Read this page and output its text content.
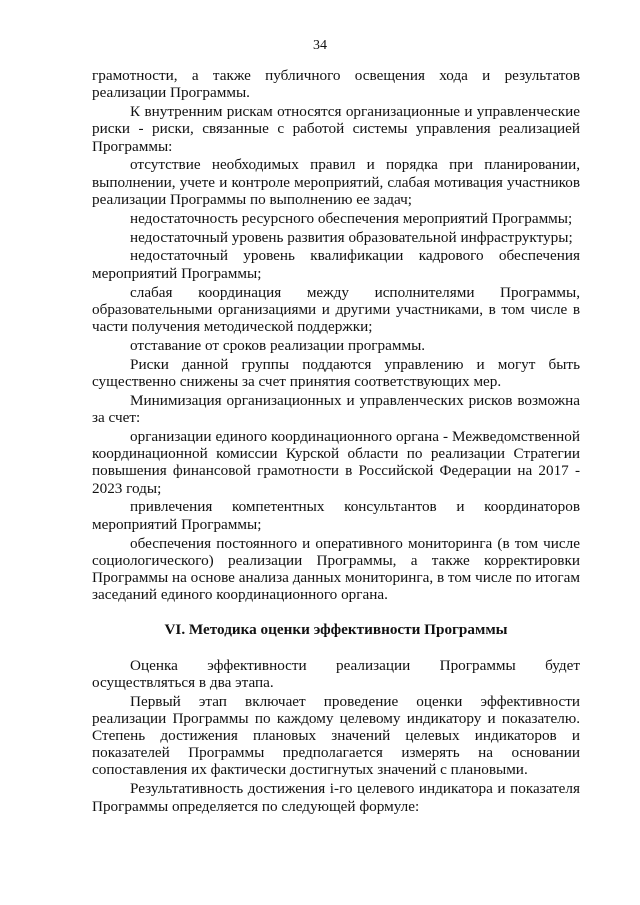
34

грамотности, а также публичного освещения хода и результатов реализации Программы.

К внутренним рискам относятся организационные и управленческие риски - риски, связанные с работой системы управления реализацией Программы:

отсутствие необходимых правил и порядка при планировании, выполнении, учете и контроле мероприятий, слабая мотивация участников реализации Программы по выполнению ее задач;

недостаточность ресурсного обеспечения мероприятий Программы;

недостаточный уровень развития образовательной инфраструктуры;

недостаточный уровень квалификации кадрового обеспечения мероприятий Программы;

слабая координация между исполнителями Программы, образовательными организациями и другими участниками, в том числе в части получения методической поддержки;

отставание от сроков реализации программы.

Риски данной группы поддаются управлению и могут быть существенно снижены за счет принятия соответствующих мер.

Минимизация организационных и управленческих рисков возможна за счет:

организации единого координационного органа - Межведомственной координационной комиссии Курской области по реализации Стратегии повышения финансовой грамотности в Российской Федерации на 2017 - 2023 годы;

привлечения компетентных консультантов и координаторов мероприятий Программы;

обеспечения постоянного и оперативного мониторинга (в том числе социологического) реализации Программы, а также корректировки Программы на основе анализа данных мониторинга, в том числе по итогам заседаний единого координационного органа.

VI. Методика оценки эффективности Программы

Оценка эффективности реализации Программы будет осуществляться в два этапа.

Первый этап включает проведение оценки эффективности реализации Программы по каждому целевому индикатору и показателю. Степень достижения плановых значений целевых индикаторов и показателей Программы предполагается измерять на основании сопоставления их фактически достигнутых значений с плановыми.

Результативность достижения i-го целевого индикатора и показателя Программы определяется по следующей формуле:
